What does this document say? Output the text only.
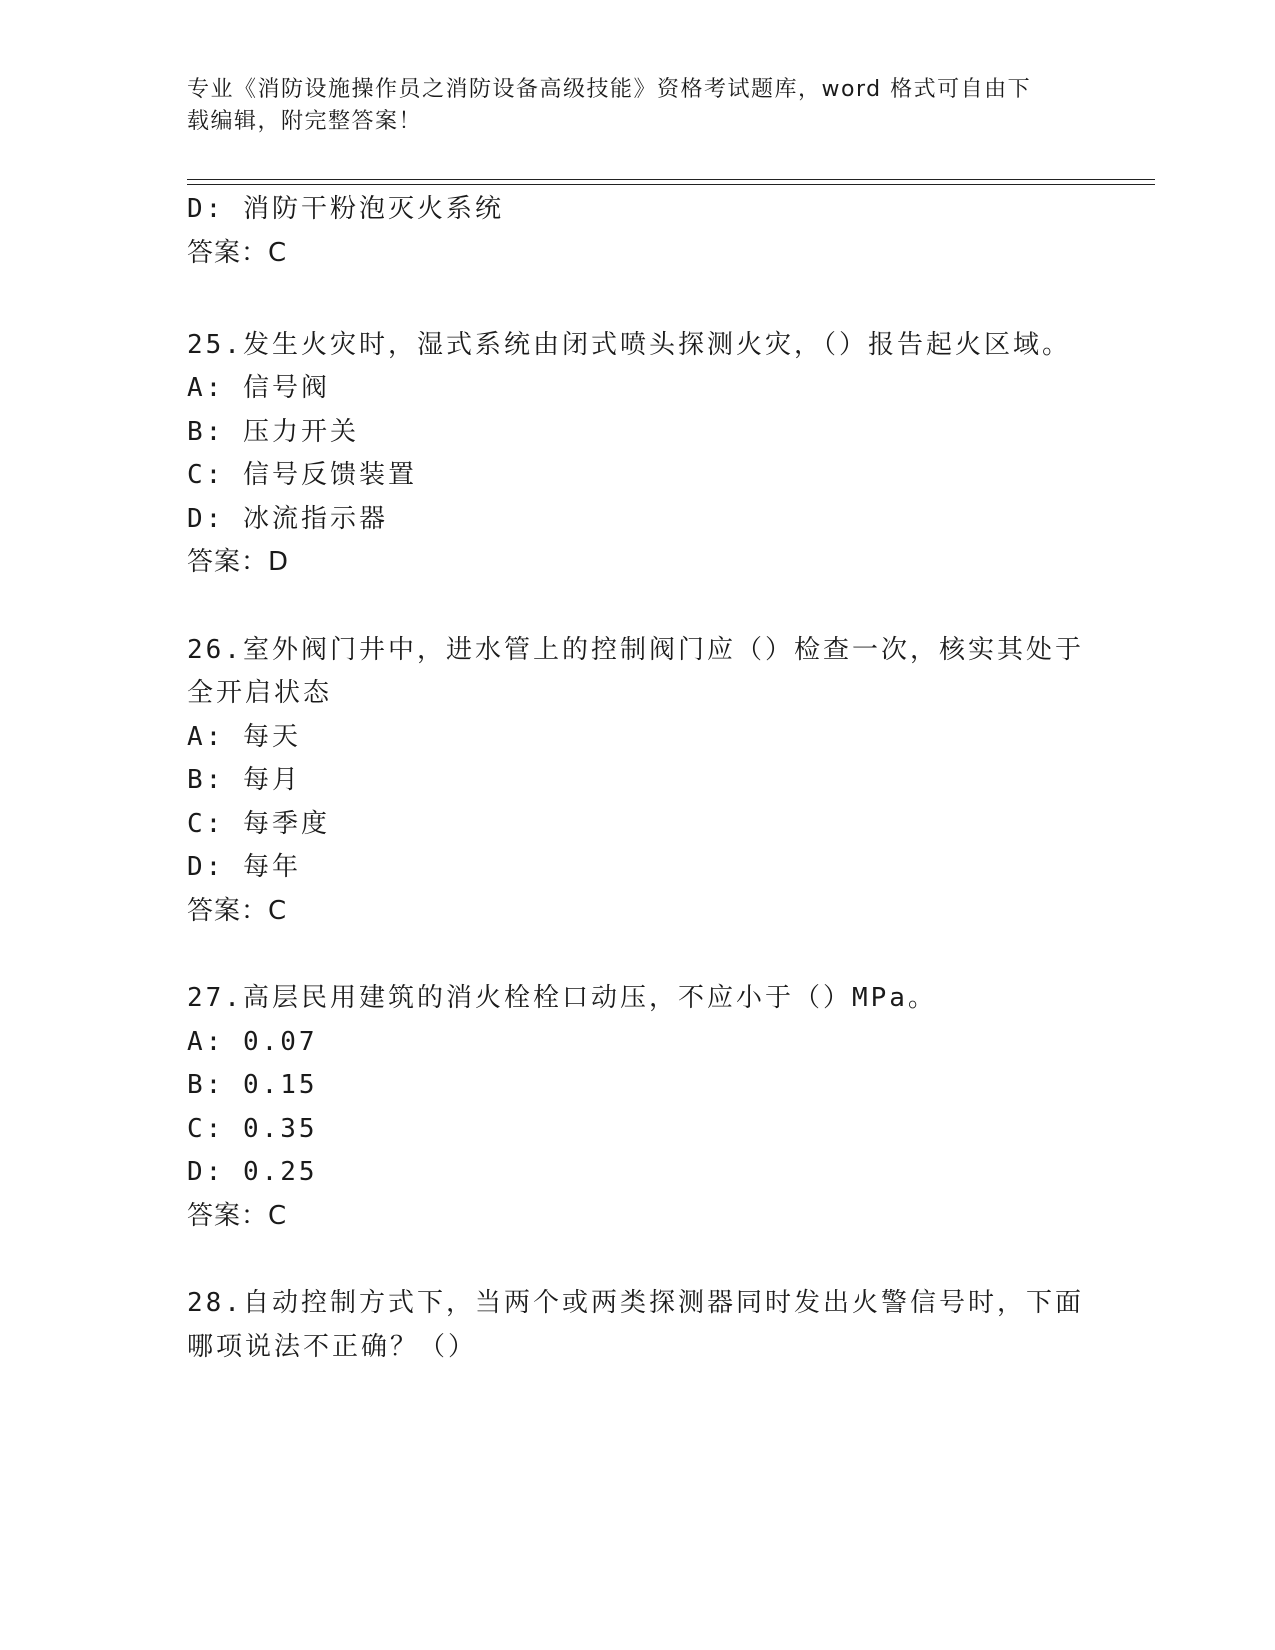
专业《消防设施操作员之消防设备高级技能》资格考试题库，word 格式可自由下
载编辑，附完整答案！
D: 消防干粉泡灭火系统
答案：C
25.发生火灾时，湿式系统由闭式喷头探测火灾，（）报告起火区域。
A: 信号阀
B: 压力开关
C: 信号反馈装置
D: 冰流指示器
答案：D
26.室外阀门井中，进水管上的控制阀门应（）检查一次，核实其处于
全开启状态
A: 每天
B: 每月
C: 每季度
D: 每年
答案：C
27.高层民用建筑的消火栓栓口动压，不应小于（）MPa。
A: 0.07
B: 0.15
C: 0.35
D: 0.25
答案：C
28.自动控制方式下，当两个或两类探测器同时发出火警信号时，下面
哪项说法不正确？（）
